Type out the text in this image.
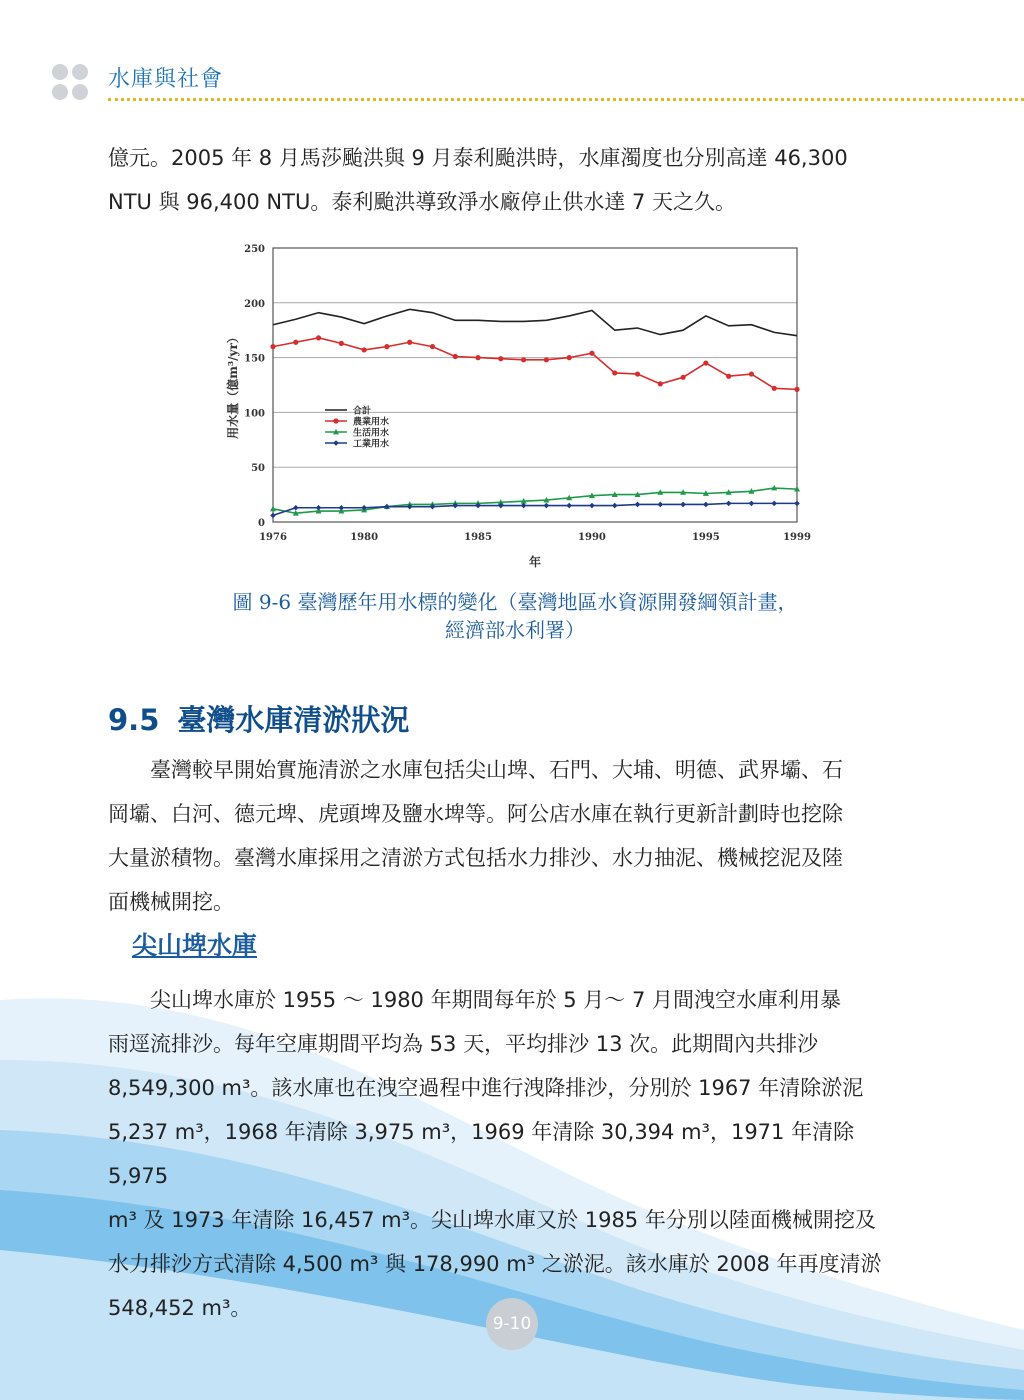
水庫與社會

億元。2005 年 8 月馬莎颱洪與 9 月泰利颱洪時，水庫濁度也分別高達 46,300
NTU 與 96,400 NTU。泰利颱洪導致淨水廠停止供水達 7 天之久。

0
50
100
150
200
250
1976	1980	1985	1990	1995	1999
年
用水量（億m³/yr）	合計
農業用水
生活用水
工業用水
圖 9-6 臺灣歷年用水標的變化（臺灣地區水資源開發綱領計畫，
經濟部水利署）
9.5 臺灣水庫清淤狀況

臺灣較早開始實施清淤之水庫包括尖山埤、石門、大埔、明德、武界壩、石
岡壩、白河、德元埤、虎頭埤及鹽水埤等。阿公店水庫在執行更新計劃時也挖除
大量淤積物。臺灣水庫採用之清淤方式包括水力排沙、水力抽泥、機械挖泥及陸
面機械開挖。

尖山埤水庫

尖山埤水庫於 1955 ～ 1980 年期間每年於 5 月～ 7 月間洩空水庫利用暴
雨逕流排沙。每年空庫期間平均為 53 天，平均排沙 13 次。此期間內共排沙
8,549,300 m³。該水庫也在洩空過程中進行洩降排沙，分別於 1967 年清除淤泥
5,237 m³，1968 年清除 3,975 m³，1969 年清除 30,394 m³，1971 年清除 5,975
m³ 及 1973 年清除 16,457 m³。尖山埤水庫又於 1985 年分別以陸面機械開挖及
水力排沙方式清除 4,500 m³ 與 178,990 m³ 之淤泥。該水庫於 2008 年再度清淤
548,452 m³。

9-10
